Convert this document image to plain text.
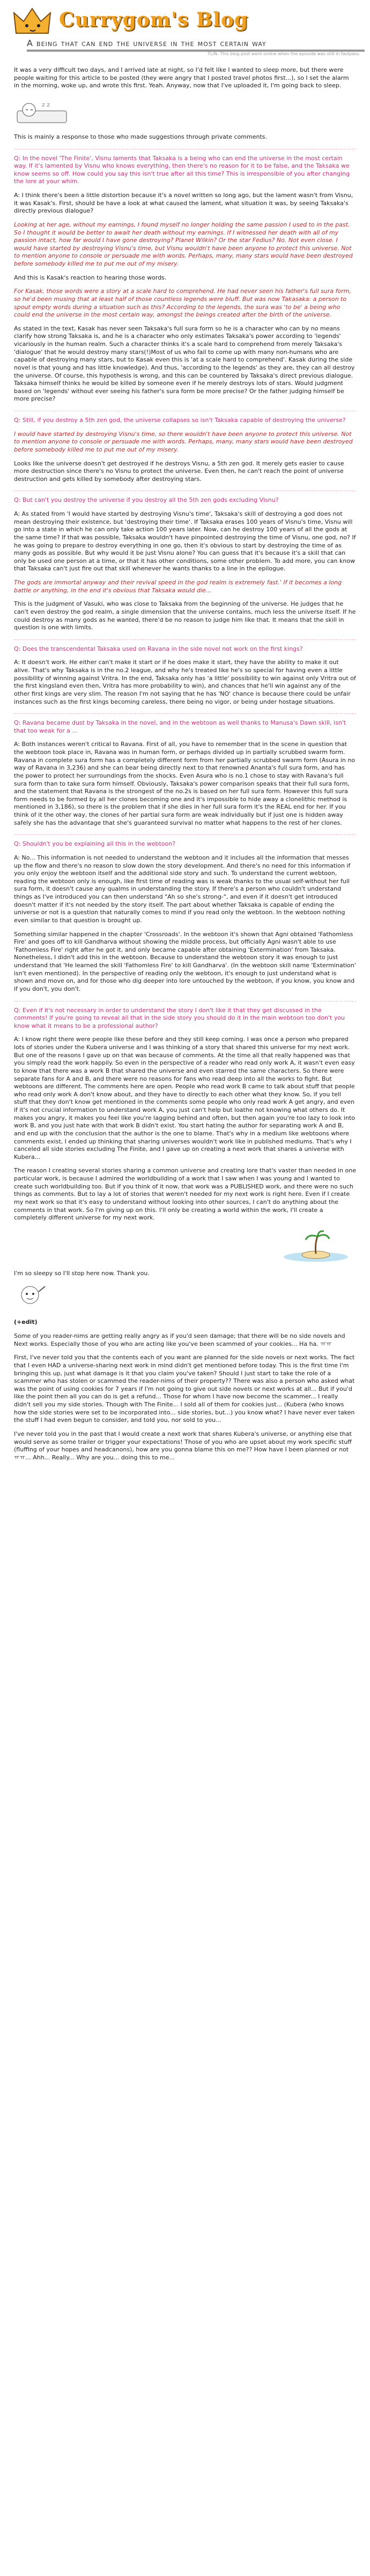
Currygom's Blog
A being that can end the universe in the most certain way
TL/N: This blog post went online when the episode was still in fastpass.

It was a very difficult two days, and I arrived late at night, so I'd felt like I wanted to sleep more, but there were people waiting for this article to be posted (they were angry that I posted travel photos first...), so I set the alarm in the morning, woke up, and wrote this first. Yeah. Anyway, now that I've uploaded it, I'm going back to sleep.

z z

This is mainly a response to those who made suggestions through private comments.

Q: In the novel 'The Finite', Visnu laments that Taksaka is a being who can end the universe in the most certain way. If it's lamented by Visnu who knows everything, then there's no reason for it to be false, and the Taksaka we know seems so off. How could you say this isn't true after all this time? This is irresponsible of you after changing the lore at your whim.

A: I think there's been a little distortion because it's a novel written so long ago, but the lament wasn't from Visnu, it was Kasak's. First, should be have a look at what caused the lament, what situation it was, by seeing Taksaka's directly previous dialogue?

Looking at her age, without my earnings, I found myself no longer holding the same passion I used to in the past. So I thought it would be better to await her death without my earnings. If I witnessed her death with all of my passion intact, how far would I have gone destroying? Planet Wilkin? Or the star Fedius? No. Not even close. I would have started by destroying Visnu's time, but Visnu wouldn't have been anyone to protect this universe. Not to mention anyone to console or persuade me with words. Perhaps, many, many stars would have been destroyed before somebody killed me to put me out of my misery.

And this is Kasak's reaction to hearing those words.

For Kasak, those words were a story at a scale hard to comprehend. He had never seen his father's full sura form, so he'd been musing that at least half of those countless legends were bluff. But was now Takasaka: a person to spout empty words during a situation such as this? According to the legends, the sura was 'to be' a being who could end the universe in the most certain way, amongst the beings created after the birth of the universe.

As stated in the text, Kasak has never seen Taksaka's full sura form so he is a character who can by no means clarify how strong Taksaka is, and he is a character who only estimates Taksaka's power according to 'legends' vicariously in the human realm. Such a character thinks it's a scale hard to comprehend from merely Taksaka's 'dialogue' that he would destroy many stars(!)Most of us who fail to come up with many non-humans who are capable of destroying many stars, but to Kasak even this is 'at a scale hard to comprehend'. Kasak during the side novel is that young and has little knowledge). And thus, 'according to the legends' as they are, they can all destroy the universe. Of course, this hypothesis is wrong, and this can be countered by Taksaka's direct previous dialogue. Taksaka himself thinks he would be killed by someone even if he merely destroys lots of stars. Would judgment based on 'legends' without ever seeing his father's sura form be more precise? Or the father judging himself be more precise?

Q: Still, if you destroy a 5th zen god, the universe collapses so isn't Taksaka capable of destroying the universe?

I would have started by destroying Visnu's time, so there wouldn't have been anyone to protect this universe. Not to mention anyone to console or persuade me with words. Perhaps, many, many stars would have been destroyed before somebody killed me to put me out of my misery.

Looks like the universe doesn't get destroyed if he destroys Visnu, a 5th zen god. It merely gets easier to cause more destruction since there's no Visnu to protect the universe. Even then, he can't reach the point of universe destruction and gets killed by somebody after destroying stars.

Q: But can't you destroy the universe if you destroy all the 5th zen gods excluding Visnu?

A: As stated from 'I would have started by destroying Visnu's time', Taksaka's skill of destroying a god does not mean destroying their existence, but 'destroying their time'. If Taksaka erases 100 years of Visnu's time, Visnu will go into a state in which he can only take action 100 years later. Now, can he destroy 100 years of all the gods at the same time? If that was possible, Taksaka wouldn't have pinpointed destroying the time of Visnu, one god, no? If he was going to prepare to destroy everything in one go, then it's obvious to start by destroying the time of as many gods as possible. But why would it be just Visnu alone? You can guess that it's because it's a skill that can only be used one person at a time, or that it has other conditions, some other problem. To add more, you can know that Taksaka can't just fire out that skill whenever he wants thanks to a line in the epilogue.

The gods are immortal anyway and their revival speed in the god realm is extremely fast.' If it becomes a long battle or anything, in the end it's obvious that Taksaka would die...

This is the judgment of Vasuki, who was close to Taksaka from the beginning of the universe. He judges that he can't even destroy the god realm, a single dimension that the universe contains, much less the universe itself. If he could destroy as many gods as he wanted, there'd be no reason to judge him like that. It means that the skill in question is one with limits.

Q: Does the transcendental Taksaka used on Ravana in the side novel not work on the first kings?

A: It doesn't work. He either can't make it start or if he does make it start, they have the ability to make it out alive. That's why Taksaka is in the no.2 league, and why he's treated like he's so special for having even a little possibility of winning against Vritra. In the end, Taksaka only has 'a little' possibility to win against only Vritra out of the first kingsland even then, Vritra has more probability to win), and chances that he'll win against any of the other first kings are very slim. The reason I'm not saying that he has 'NO' chance is because there could be unfair instances such as the first kings becoming careless, there being no vigor, or being under hostage situations.

Q: Ravana became dust by Taksaka in the novel, and in the webtoon as well thanks to Manusa's Dawn skill, isn't that too weak for a ...

A: Both instances weren't critical to Ravana. First of all, you have to remember that in the scene in question that the webtoon took place in, Ravana was in human form, or perhaps divided up in partially scrubbed swarm form. Ravana in complete sura form has a completely different form from her partially scrubbed swarm form (Asura in no way of Ravana in 3,236) and she can bear being directly next to that renowned Ananta's full sura form, and has the power to protect her surroundings from the shocks. Even Asura who is no.1 chose to stay with Ravana's full sura form than to take sura form himself. Obviously, Taksaka's power comparison speaks that their full sura form, and the statement that Ravana is the strongest of the no.2s is based on her full sura form. However this full sura form needs to be formed by all her clones becoming one and it's impossible to hide away a clonelithic method is mentioned in 3,186), so there is the problem that if she dies in her full sura form it's the REAL end for her. If you think of it the other way, the clones of her partial sura form are weak individually but if just one is hidden away safely she has the advantage that she's guaranteed survival no matter what happens to the rest of her clones.

Q: Shouldn't you be explaining all this in the webtoon?

A: No... This information is not needed to understand the webtoon and it includes all the information that messes up the flow and there's no reason to slow down the story development. And there's no need for this information if you only enjoy the webtoon itself and the additional side story and such. To understand the current webtoon, reading the webtoon only is enough, like first time of reading was is weak thanks to the usual self-without her full sura form, it doesn't cause any qualms in understanding the story. If there's a person who couldn't understand things as I've introduced you can then understand "Ah so she's strong-", and even if it doesn't get introduced doesn't matter if it's not needed by the story itself. The part about whether Taksaka is capable of ending the universe or not is a question that naturally comes to mind if you read only the webtoon. In the webtoon nothing even similar to that question is brought up.

Something similar happened in the chapter 'Crossroads'. In the webtoon it's shown that Agni obtained 'Fathomless Fire' and goes off to kill Gandharva without showing the middle process, but officially Agni wasn't able to use 'Fathomless Fire' right after he got it, and only became capable after obtaining 'Extermination' from Taksaka. Nonetheless, I didn't add this in the webtoon. Because to understand the webtoon story it was enough to just understand that 'He learned the skill 'Fathomless Fire' to kill Gandharva'. (In the webtoon skill name 'Extermination' isn't even mentioned). In the perspective of reading only the webtoon, it's enough to just understand what is shown and move on, and for those who dig deeper into lore untouched by the webtoon, if you know, you know and if you don't, you don't.

Q: Even if it's not necessary in order to understand the story I don't like it that they get discussed in the comments! If you're going to reveal all that in the side story you should do it in the main webtoon too don't you know what it means to be a professional author?

A: I know right there were people like these before and they still keep coming. I was once a person who prepared lots of stories under the Kubera universe and I was thinking of a story that shared this universe for my next work. But one of the reasons I gave up on that was because of comments. At the time all that really happened was that you simply read the work happily. So even in the perspective of a reader who read only work A, it wasn't even easy to know that there was a work B that shared the universe and even starred the same characters. So there were separate fans for A and B, and there were no reasons for fans who read deep into all the works to fight. But webtoons are different. The comments here are open. People who read work B came to talk about stuff that people who read only work A don't know about, and they have to directly to each other what they know. So, if you tell stuff that they don't know get mentioned in the comments some people who only read work A get angry, and even if it's not crucial information to understand work A, you just can't help but loathe not knowing what others do. It makes you angry, it makes you feel like you're lagging behind and often, but then again you're too lazy to look into work B, and you just hate with that work B didn't exist. You start hating the author for separating work A and B, and end up with the conclusion that the author is the one to blame. That's why in a medium like webtoons where comments exist, I ended up thinking that sharing universes wouldn't work like in published mediums. That's why I canceled all side stories excluding The Finite, and I gave up on creating a next work that shares a universe with Kubera...

The reason I creating several stories sharing a common universe and creating lore that's vaster than needed in one particular work, is because I admired the worldbuilding of a work that I saw when I was young and I wanted to create such worldbuilding too. But if you think of it now, that work was a PUBLISHED work, and there were no such things as comments. But to lay a lot of stories that weren't needed for my next work is right here. Even if I create my next work so that it's easy to understand without looking into other sources, I can't do anything about the comments in that work. So I'm giving up on this. I'll only be creating a world within the work, I'll create a completely different universe for my next work.

I'm so sleepy so I'll stop here now. Thank you.

(+edit)

Some of you reader-nims are getting really angry as if you'd seen damage; that there will be no side novels and Next works. Especially those of you who are acting like you've been scammed of your cookies... Ha ha. ㅠㅠ

First, I've never told you that the contents each of you want are planned for the side novels or next works. The fact that I even HAD a universe-sharing next work in mind didn't get mentioned before today. This is the first time I'm bringing this up, just what damage is it that you claim you've taken? Should I just start to take the role of a scammer who has stolen or scammed the reader-nims of their property?? There was also a person who asked what was the point of using cookies for 7 years if I'm not going to give out side novels or next works at all... But if you'd like the point then all you can do is get a refund... Those for whom I have now become the scammer... I really didn't sell you my side stories. Though with The Finite... I sold all of them for cookies just... (Kubera (who knows how the side stories were set to be incorporated into... side stories, but...) you know what? I have never ever taken the stuff I had even begun to consider, and told you, nor sold to you...

I've never told you in the past that I would create a next work that shares Kubera's universe, or anything else that would serve as some trailer or trigger your expectations! Those of you who are upset about my work specific stuff (fluffing of your hopes and headcanons), how are you gonna blame this on me?? How have I been planned or not ㅠㅠ... Ahh... Really... Why are you... doing this to me...
